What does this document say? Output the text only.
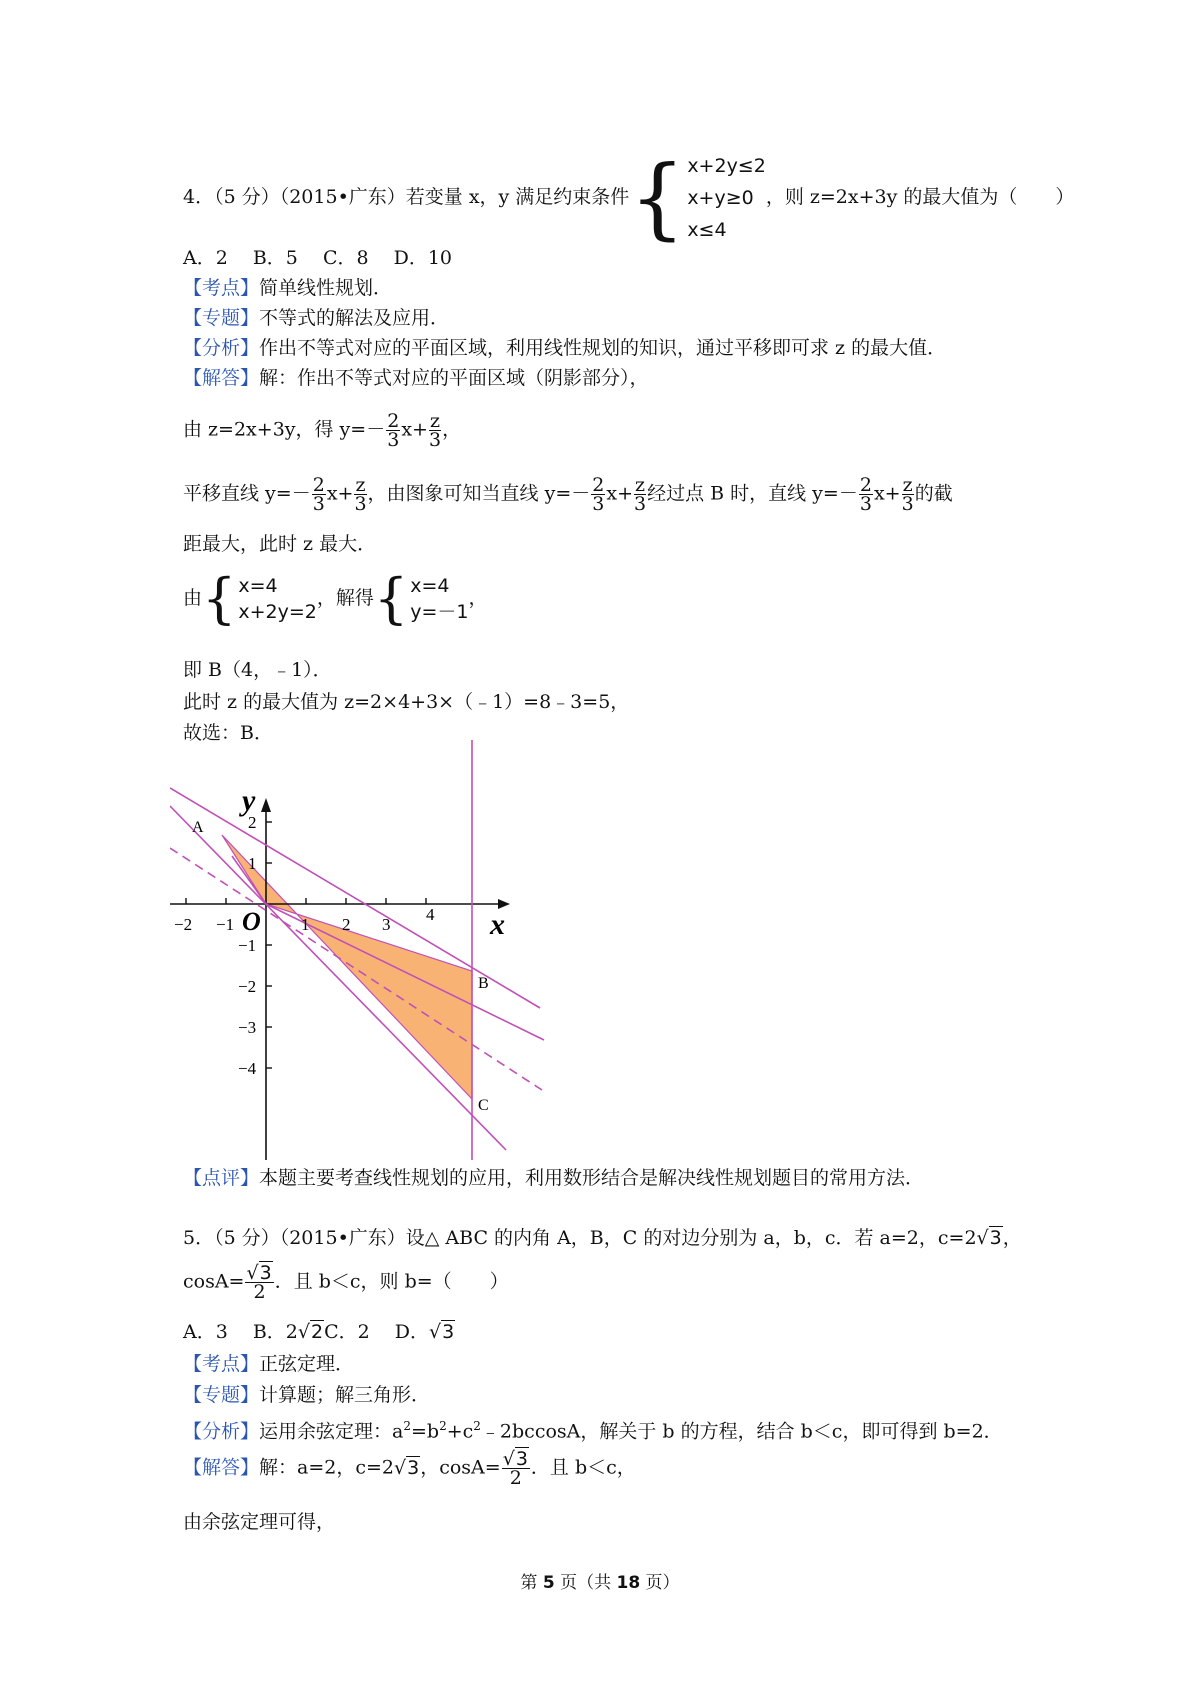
4．（5 分）（2015•广东）若变量 x，y 满足约束条件{ x+2y≤2
x+y≥0
x≤4
，则 z=2x+3y 的最大值为（　　）
A．2　 B．5　 C．8　 D．10
【考点】简单线性规划．
【专题】不等式的解法及应用．
【分析】作出不等式对应的平面区域，利用线性规划的知识，通过平移即可求 z 的最大值．
【解答】解：作出不等式对应的平面区域（阴影部分），
由 z=2x+3y，得 $y=- \frac{2}{3} x+ \frac{z}{3}$ ，
平移直线 $y=- \frac{2}{3} x+ \frac{z}{3}$ ，由图象可知当直线 $y=- \frac{2}{3} x+ \frac{z}{3}$ 经过点 B 时，直线 $y=- \frac{2}{3} x+ \frac{z}{3}$ 的截
距最大，此时 z 最大．
由{ x=4
x+2y=2
，解得{ x=4
y=－1
，
即 B（4，﹣1）．
此时 z 的最大值为 z=2×4+3×（﹣1）=8﹣3=5，
故选：B．
−2 −1	1 2 3
4
2
1
−1
−2
−3
−4
O	x
y
A
B
C
【点评】本题主要考查线性规划的应用，利用数形结合是解决线性规划题目的常用方法．
5．（5 分）（2015•广东）设△ ABC 的内角 A，B，C 的对边分别为 a，b，c．若 a=2，c=2√3，
$\cos A= \frac{√3}{2}$ ．且 b＜c，则 b=（　　）
A．3　 B．2√2C．2　 D．√3
【考点】正弦定理．
【专题】计算题；解三角形．
【分析】运用余弦定理：$a^2=b^2+c^2﹣2bccosA$，解关于 b 的方程，结合 b＜c，即可得到 b=2．
【解答】解：a=2，c=2√3，$\cos A= \frac{√3}{2}$ ．且 b＜c，
由余弦定理可得，
第 5 页（共 18 页）
